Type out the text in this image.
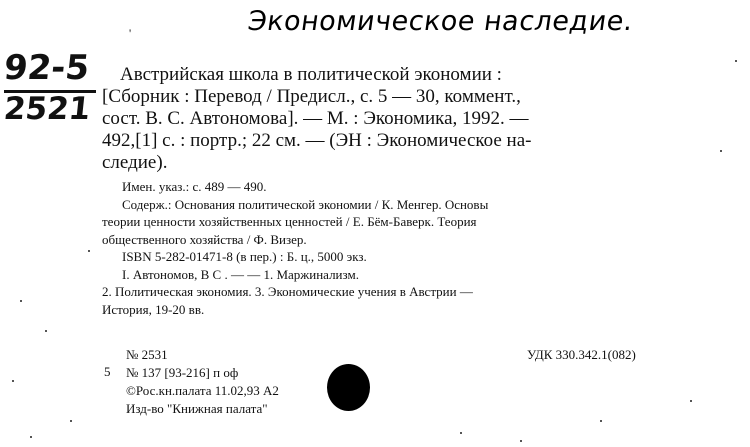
Экономическое наследие.
'
92-5
2521
Австрийская школа в политической экономии :
[Сборник : Перевод / Предисл., с. 5 — 30, коммент.,
сост. В. С. Автономова]. — М. : Экономика, 1992. —
492,[1] с. : портр.; 22 см. — (ЭН : Экономическое на-
следие).
Имен. указ.: с. 489 — 490.
Содерж.: Основания политической экономии / К. Менгер. Основы
теории ценности хозяйственных ценностей / Е. Бём-Баверк. Теория
общественного хозяйства / Ф. Визер.
ISBN 5-282-01471-8 (в пер.) : Б. ц., 5000 экз.
I. Автономов, В С . — — 1. Маржинализм.
2. Политическая экономия. 3. Экономические учения в Австрии —
История, 19-20 вв.
№ 2531	УДК 330.342.1(082)
5 № 137 [93-216] п оф
©Рос.кн.палата 11.02,93 А2
Изд-во "Книжная палата"
